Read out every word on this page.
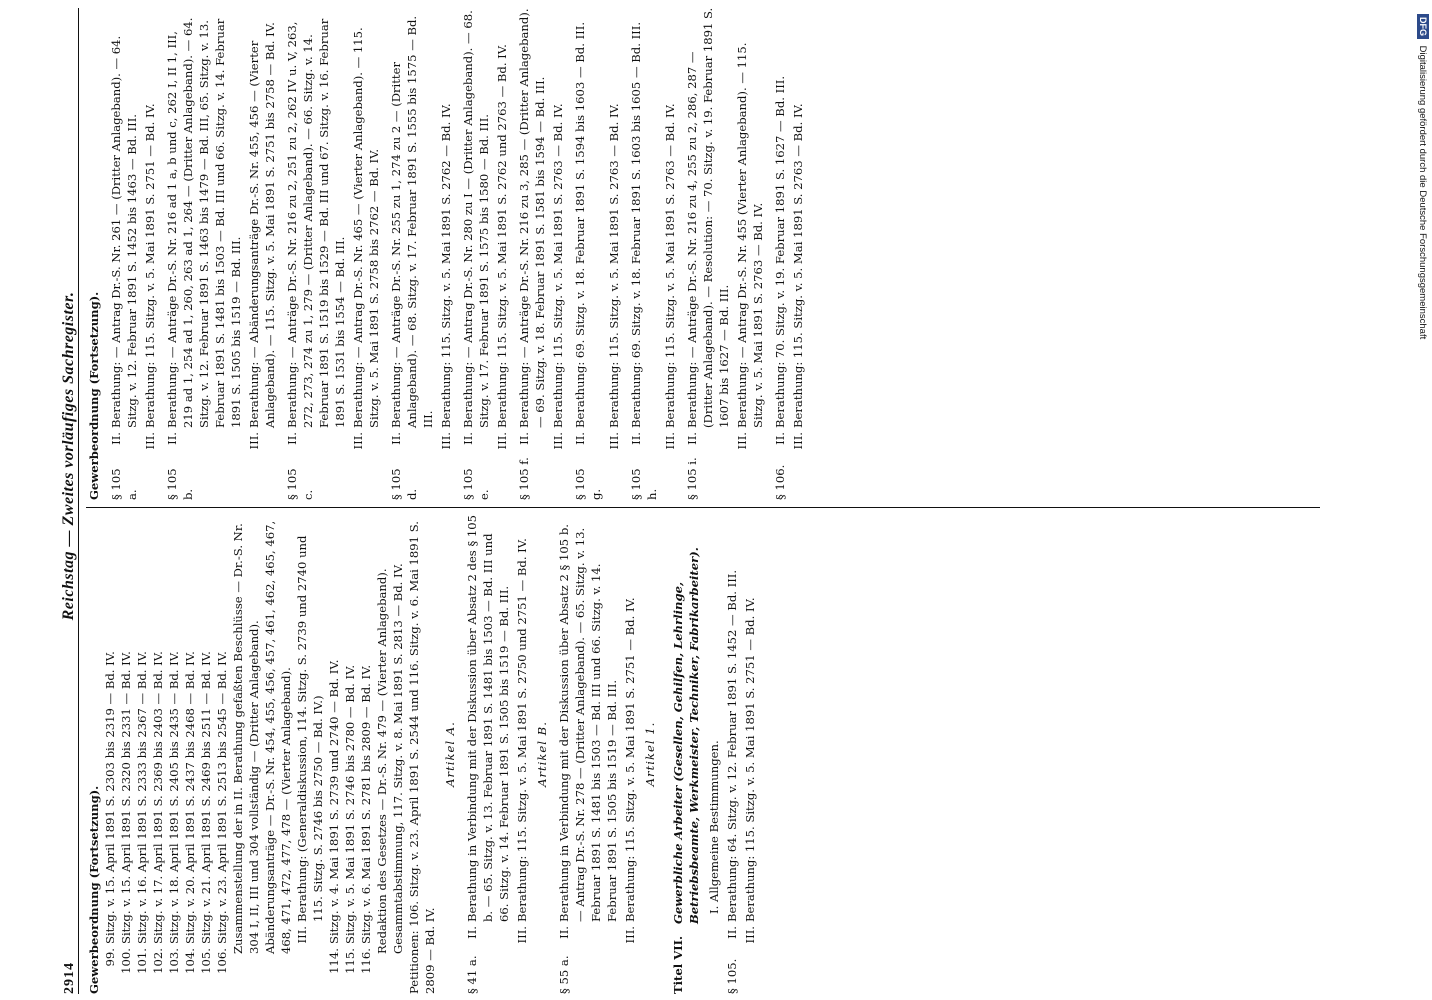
2914
Reichstag — Zweites vorläufiges Sachregister.
Gewerbeordnung (Fortsetzung). 99.
Sitzg. v. 15. April 1891 S. 2303 bis 2319 — Bd. IV.
100.
Sitzg. v. 15. April 1891 S. 2320 bis 2331 — Bd. IV.
101.
Sitzg. v. 16. April 1891 S. 2333 bis 2367 — Bd. IV.
102.
Sitzg. v. 17. April 1891 S. 2369 bis 2403 — Bd. IV.
103.
Sitzg. v. 18. April 1891 S. 2405 bis 2435 — Bd. IV.
104.
Sitzg. v. 20. April 1891 S. 2437 bis 2468 — Bd. IV.
105.
Sitzg. v. 21. April 1891 S. 2469 bis 2511 — Bd. IV.
106.
Sitzg. v. 23. April 1891 S. 2513 bis 2545 — Bd. IV. Zusammenstellung der in II. Berathung gefaßten Beschlüsse — Dr.-S. Nr. 304 I, II, III und 304 vollständig — (Dritter Anlageband). Abänderungsanträge — Dr.-S. Nr. 454, 455, 456, 457, 461, 462, 465, 467, 468, 471, 472, 477, 478 — (Vierter Anlageband). III.
Berathung: (Generaldiskussion, 114. Sitzg. S. 2739 und 2740 und 115. Sitzg. S. 2746 bis 2750 — Bd. IV.)
114.
Sitzg. v. 4. Mai 1891 S. 2739 und 2740 — Bd. IV.
115.
Sitzg. v. 5. Mai 1891 S. 2746 bis 2780 — Bd. IV.
116.
Sitzg. v. 6. Mai 1891 S. 2781 bis 2809 — Bd. IV. Redaktion des Gesetzes — Dr.-S. Nr. 479 — (Vierter Anlageband). Gesammtabstimmung, 117. Sitzg. v. 8. Mai 1891 S. 2813 — Bd. IV. Petitionen: 106. Sitzg. v. 23. April 1891 S. 2544 und 116. Sitzg. v. 6. Mai 1891 S. 2809 — Bd. IV.
Artikel A.
§ 41 a.
II.
Berathung in Verbindung mit der Diskussion über Absatz 2 des § 105 b. — 65. Sitzg. v. 13. Februar 1891 S. 1481 bis 1503 — Bd. III und 66. Sitzg. v. 14. Februar 1891 S. 1505 bis 1519 — Bd. III.
III.
Berathung: 115. Sitzg. v. 5. Mai 1891 S. 2750 und 2751 — Bd. IV. Artikel B.
§ 55 a.
II.
Berathung in Verbindung mit der Diskussion über Absatz 2 § 105 b. — Antrag Dr.-S. Nr. 278 — (Dritter Anlageband). — 65. Sitzg. v. 13. Februar 1891 S. 1481 bis 1503 — Bd. III und 66. Sitzg. v. 14. Februar 1891 S. 1505 bis 1519 — Bd. III.
III.
Berathung: 115. Sitzg. v. 5. Mai 1891 S. 2751 — Bd. IV. Artikel 1.
Titel VII.
Gewerbliche Arbeiter (Gesellen, Gehilfen, Lehrlinge, Betriebsbeamte, Werkmeister, Techniker, Fabrikarbeiter). I. Allgemeine Bestimmungen.
§ 105.
II.
Berathung: 64. Sitzg. v. 12. Februar 1891 S. 1452 — Bd. III.
III.
Berathung: 115. Sitzg. v. 5. Mai 1891 S. 2751 — Bd. IV.
Gewerbeordnung (Fortsetzung). § 105 a.
II.
Berathung: — Antrag Dr.-S. Nr. 261 — (Dritter Anlageband). — 64. Sitzg. v. 12. Februar 1891 S. 1452 bis 1463 — Bd. III.
III.
Berathung: 115. Sitzg. v. 5. Mai 1891 S. 2751 — Bd. IV.
§ 105 b.
II.
Berathung: — Anträge Dr.-S. Nr. 216 ad 1 a, b und c, 262 I, II 1, III, 219 ad 1, 254 ad 1, 260, 263 ad 1, 264 — (Dritter Anlageband). — 64. Sitzg. v. 12. Februar 1891 S. 1463 bis 1479 — Bd. III, 65. Sitzg. v. 13. Februar 1891 S. 1481 bis 1503 — Bd. III und 66. Sitzg. v. 14. Februar 1891 S. 1505 bis 1519 — Bd. III.
III.
Berathung: — Abänderungsanträge Dr.-S. Nr. 455, 456 — (Vierter Anlageband). — 115. Sitzg. v. 5. Mai 1891 S. 2751 bis 2758 — Bd. IV.
§ 105 c.
II.
Berathung: — Anträge Dr.-S. Nr. 216 zu 2, 251 zu 2, 262 IV u. V, 263, 272, 273, 274 zu 1, 279 — (Dritter Anlageband). — 66. Sitzg. v. 14. Februar 1891 S. 1519 bis 1529 — Bd. III und 67. Sitzg. v. 16. Februar 1891 S. 1531 bis 1554 — Bd. III.
III.
Berathung: — Antrag Dr.-S. Nr. 465 — (Vierter Anlageband). — 115. Sitzg. v. 5. Mai 1891 S. 2758 bis 2762 — Bd. IV.
§ 105 d.
II.
Berathung: — Anträge Dr.-S. Nr. 255 zu 1, 274 zu 2 — (Dritter Anlageband). — 68. Sitzg. v. 17. Februar 1891 S. 1555 bis 1575 — Bd. III.
III.
Berathung: 115. Sitzg. v. 5. Mai 1891 S. 2762 — Bd. IV.
§ 105 e.
II.
Berathung: — Antrag Dr.-S. Nr. 280 zu I — (Dritter Anlageband). — 68. Sitzg. v. 17. Februar 1891 S. 1575 bis 1580 — Bd. III.
III.
Berathung: 115. Sitzg. v. 5. Mai 1891 S. 2762 und 2763 — Bd. IV.
§ 105 f.
II.
Berathung: — Anträge Dr.-S. Nr. 216 zu 3, 285 — (Dritter Anlageband). — 69. Sitzg. v. 18. Februar 1891 S. 1581 bis 1594 — Bd. III.
III.
Berathung: 115. Sitzg. v. 5. Mai 1891 S. 2763 — Bd. IV.
§ 105 g.
II.
Berathung: 69. Sitzg. v. 18. Februar 1891 S. 1594 bis 1603 — Bd. III.
III.
Berathung: 115. Sitzg. v. 5. Mai 1891 S. 2763 — Bd. IV.
§ 105 h.
II.
Berathung: 69. Sitzg. v. 18. Februar 1891 S. 1603 bis 1605 — Bd. III.
III.
Berathung: 115. Sitzg. v. 5. Mai 1891 S. 2763 — Bd. IV.
§ 105 i.
II.
Berathung: — Anträge Dr.-S. Nr. 216 zu 4, 255 zu 2, 286, 287 — (Dritter Anlageband). — Resolution: — 70. Sitzg. v. 19. Februar 1891 S. 1607 bis 1627 — Bd. III.
III.
Berathung: — Antrag Dr.-S. Nr. 455 (Vierter Anlageband). — 115. Sitzg. v. 5. Mai 1891 S. 2763 — Bd. IV.
§ 106.
II.
Berathung: 70. Sitzg. v. 19. Februar 1891 S. 1627 — Bd. III.
III.
Berathung: 115. Sitzg. v. 5. Mai 1891 S. 2763 — Bd. IV.
DFG Digitalisierung gefördert durch die Deutsche Forschungsgemeinschaft
